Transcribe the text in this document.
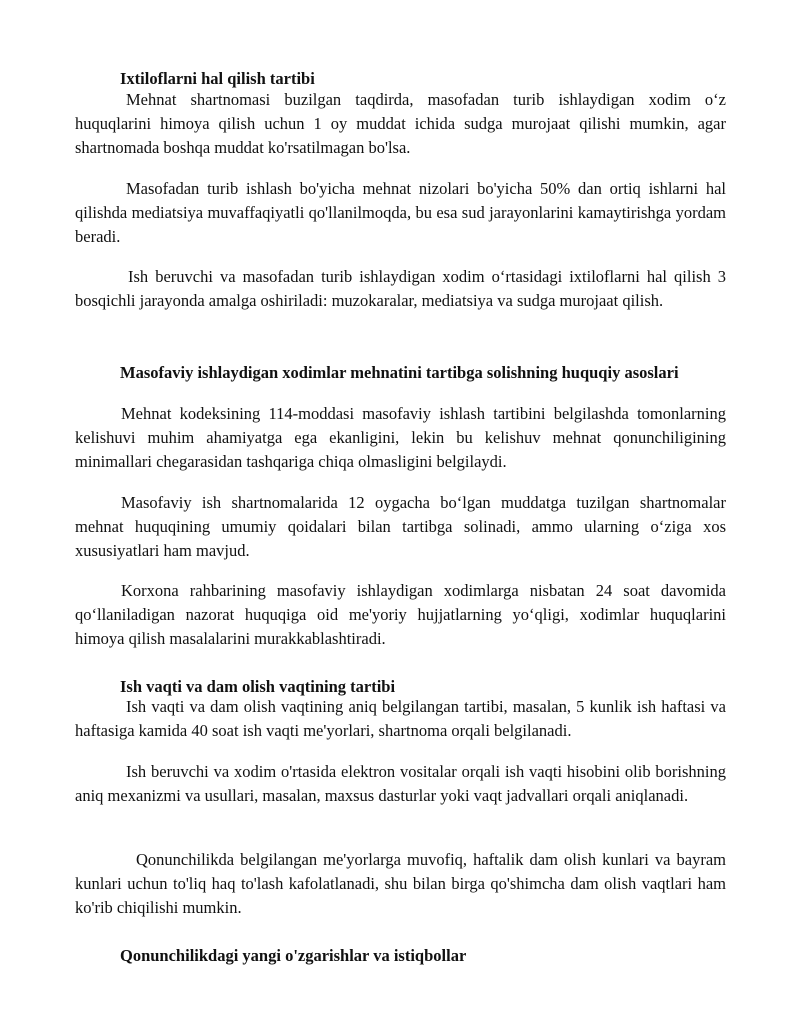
Ixtiloflarni hal qilish tartibi

Mehnat shartnomasi buzilgan taqdirda, masofadan turib ishlaydigan xodim o‘z huquqlarini himoya qilish uchun 1 oy muddat ichida sudga murojaat qilishi mumkin, agar shartnomada boshqa muddat ko'rsatilmagan bo'lsa.

Masofadan turib ishlash bo'yicha mehnat nizolari bo'yicha 50% dan ortiq ishlarni hal qilishda mediatsiya muvaffaqiyatli qo'llanilmoqda, bu esa sud jarayonlarini kamaytirishga yordam beradi.

Ish beruvchi va masofadan turib ishlaydigan xodim o‘rtasidagi ixtiloflarni hal qilish 3 bosqichli jarayonda amalga oshiriladi: muzokaralar, mediatsiya va sudga murojaat qilish.

Masofaviy ishlaydigan xodimlar mehnatini tartibga solishning huquqiy asoslari

Mehnat kodeksining 114-moddasi masofaviy ishlash tartibini belgilashda tomonlarning kelishuvi muhim ahamiyatga ega ekanligini, lekin bu kelishuv mehnat qonunchiligining minimallari chegarasidan tashqariga chiqa olmasligini belgilaydi.

Masofaviy ish shartnomalarida 12 oygacha bo‘lgan muddatga tuzilgan shartnomalar mehnat huquqining umumiy qoidalari bilan tartibga solinadi, ammo ularning o‘ziga xos xususiyatlari ham mavjud.

Korxona rahbarining masofaviy ishlaydigan xodimlarga nisbatan 24 soat davomida qo‘llaniladigan nazorat huquqiga oid me'yoriy hujjatlarning yo‘qligi, xodimlar huquqlarini himoya qilish masalalarini murakkablashtiradi.

Ish vaqti va dam olish vaqtining tartibi

Ish vaqti va dam olish vaqtining aniq belgilangan tartibi, masalan, 5 kunlik ish haftasi va haftasiga kamida 40 soat ish vaqti me'yorlari, shartnoma orqali belgilanadi.

Ish beruvchi va xodim o'rtasida elektron vositalar orqali ish vaqti hisobini olib borishning aniq mexanizmi va usullari, masalan, maxsus dasturlar yoki vaqt jadvallari orqali aniqlanadi.

Qonunchilikda belgilangan me'yorlarga muvofiq, haftalik dam olish kunlari va bayram kunlari uchun to'liq haq to'lash kafolatlanadi, shu bilan birga qo'shimcha dam olish vaqtlari ham ko'rib chiqilishi mumkin.

Qonunchilikdagi yangi o'zgarishlar va istiqbollar
